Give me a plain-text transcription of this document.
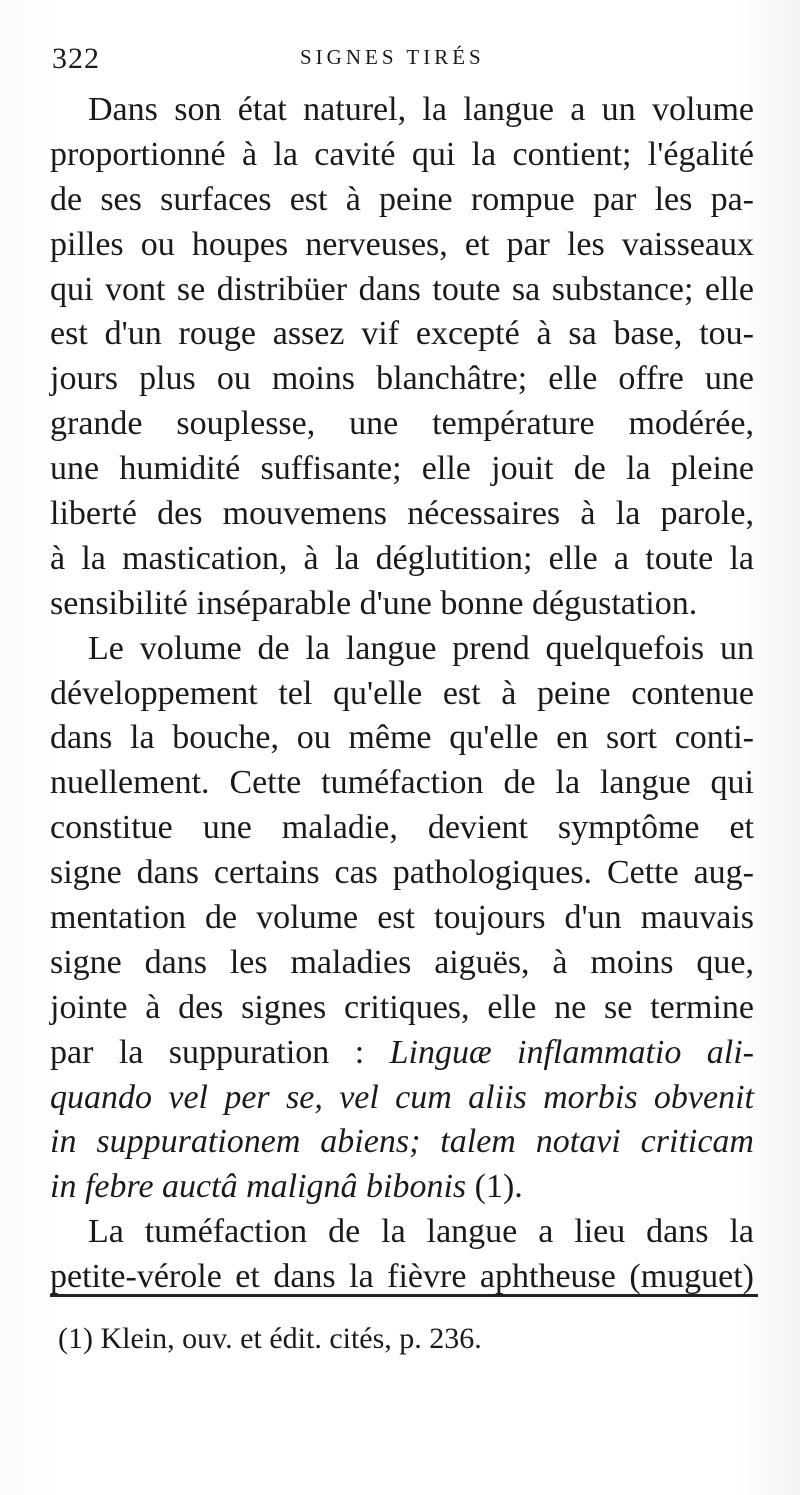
322	SIGNES TIRÉS
Dans son état naturel, la langue a un volume
proportionné à la cavité qui la contient; l'égalité
de ses surfaces est à peine rompue par les pa-
pilles ou houpes nerveuses, et par les vaisseaux
qui vont se distribüer dans toute sa substance; elle
est d'un rouge assez vif excepté à sa base, tou-
jours plus ou moins blanchâtre; elle offre une
grande souplesse, une température modérée,
une humidité suffisante; elle jouit de la pleine
liberté des mouvemens nécessaires à la parole,
à la mastication, à la déglutition; elle a toute la
sensibilité inséparable d'une bonne dégustation.
Le volume de la langue prend quelquefois un
développement tel qu'elle est à peine contenue
dans la bouche, ou même qu'elle en sort conti-
nuellement. Cette tuméfaction de la langue qui
constitue une maladie, devient symptôme et
signe dans certains cas pathologiques. Cette aug-
mentation de volume est toujours d'un mauvais
signe dans les maladies aiguës, à moins que,
jointe à des signes critiques, elle ne se termine
par la suppuration : Linguæ inflammatio ali-
quando vel per se, vel cum aliis morbis obvenit
in suppurationem abiens; talem notavi criticam
in febre auctâ malignâ bibonis (1).
La tuméfaction de la langue a lieu dans la
petite-vérole et dans la fièvre aphtheuse (muguet)
(1) Klein, ouv. et édit. cités, p. 236.
